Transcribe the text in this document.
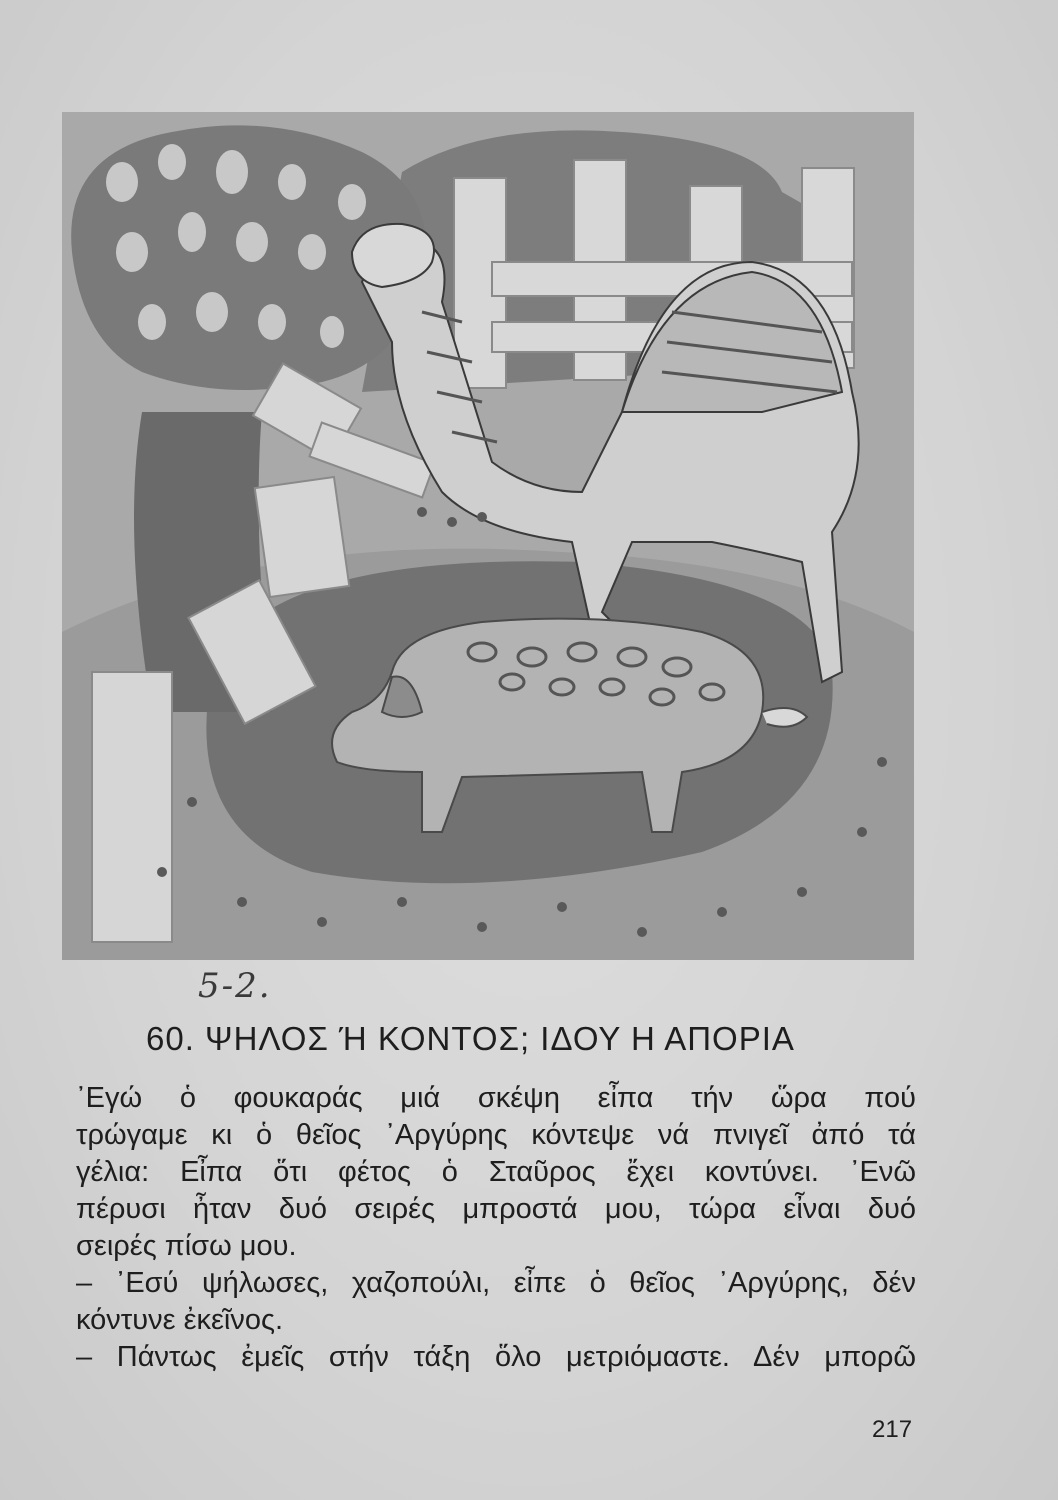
5-2.
60. ΨΗΛΟΣ Ή ΚΟΝΤΟΣ; ΙΔΟΥ Η ΑΠΟΡΙΑ
᾿Εγώ ὁ φουκαράς μιά σκέψη εἶπα τήν ὥρα πού
τρώγαμε κι ὁ θεῖος ᾿Αργύρης κόντεψε νά πνιγεῖ ἀπό τά
γέλια: Εἶπα ὅτι φέτος ὁ Σταῦρος ἔχει κοντύνει. ᾿Ενῶ
πέρυσι ἦταν δυό σειρές μπροστά μου, τώρα εἶναι δυό
σειρές πίσω μου.
– ᾿Εσύ ψήλωσες, χαζοπούλι, εἶπε ὁ θεῖος ᾿Αργύρης, δέν
κόντυνε ἐκεῖνος.
– Πάντως ἐμεῖς στήν τάξη ὅλο μετριόμαστε. Δέν μπορῶ
217
